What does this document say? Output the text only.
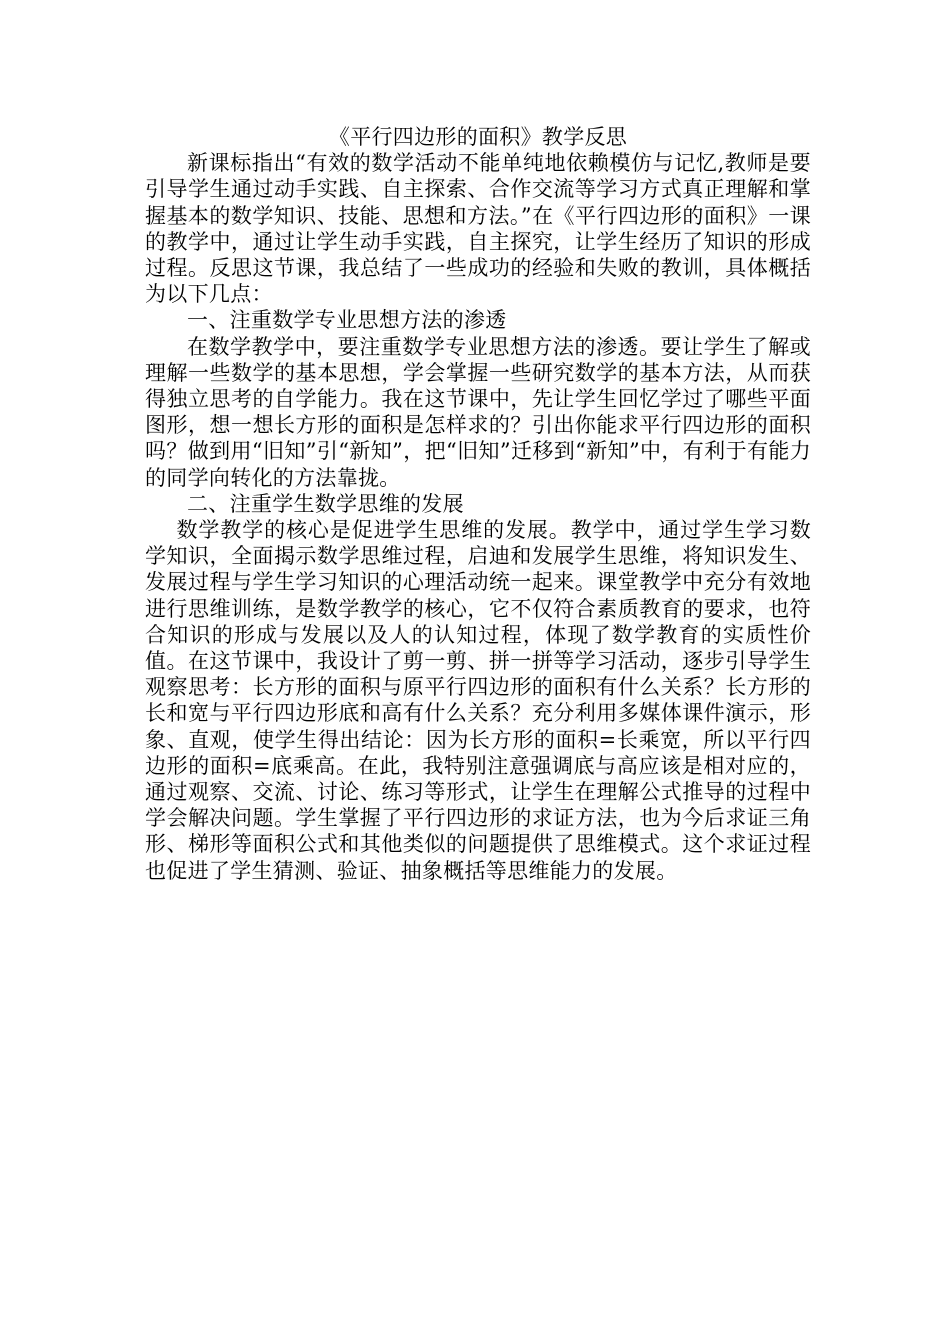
《平行四边形的面积》教学反思

新课标指出“有效的数学活动不能单纯地依赖模仿与记忆,教师是要引导学生通过动手实践、自主探索、合作交流等学习方式真正理解和掌握基本的数学知识、技能、思想和方法。”在《平行四边形的面积》一课的教学中，通过让学生动手实践，自主探究，让学生经历了知识的形成过程。反思这节课，我总结了一些成功的经验和失败的教训，具体概括为以下几点：

一、注重数学专业思想方法的渗透

在数学教学中，要注重数学专业思想方法的渗透。要让学生了解或理解一些数学的基本思想，学会掌握一些研究数学的基本方法，从而获得独立思考的自学能力。我在这节课中，先让学生回忆学过了哪些平面图形，想一想长方形的面积是怎样求的？引出你能求平行四边形的面积吗？做到用“旧知”引“新知”，把“旧知”迁移到“新知”中，有利于有能力的同学向转化的方法靠拢。

二、注重学生数学思维的发展

数学教学的核心是促进学生思维的发展。教学中，通过学生学习数学知识，全面揭示数学思维过程，启迪和发展学生思维，将知识发生、发展过程与学生学习知识的心理活动统一起来。课堂教学中充分有效地进行思维训练，是数学教学的核心，它不仅符合素质教育的要求，也符合知识的形成与发展以及人的认知过程，体现了数学教育的实质性价值。在这节课中，我设计了剪一剪、拼一拼等学习活动，逐步引导学生观察思考：长方形的面积与原平行四边形的面积有什么关系？长方形的长和宽与平行四边形底和高有什么关系？充分利用多媒体课件演示，形象、直观，使学生得出结论：因为长方形的面积=长乘宽，所以平行四边形的面积=底乘高。在此，我特别注意强调底与高应该是相对应的，通过观察、交流、讨论、练习等形式，让学生在理解公式推导的过程中学会解决问题。学生掌握了平行四边形的求证方法，也为今后求证三角形、梯形等面积公式和其他类似的问题提供了思维模式。这个求证过程也促进了学生猜测、验证、抽象概括等思维能力的发展。
